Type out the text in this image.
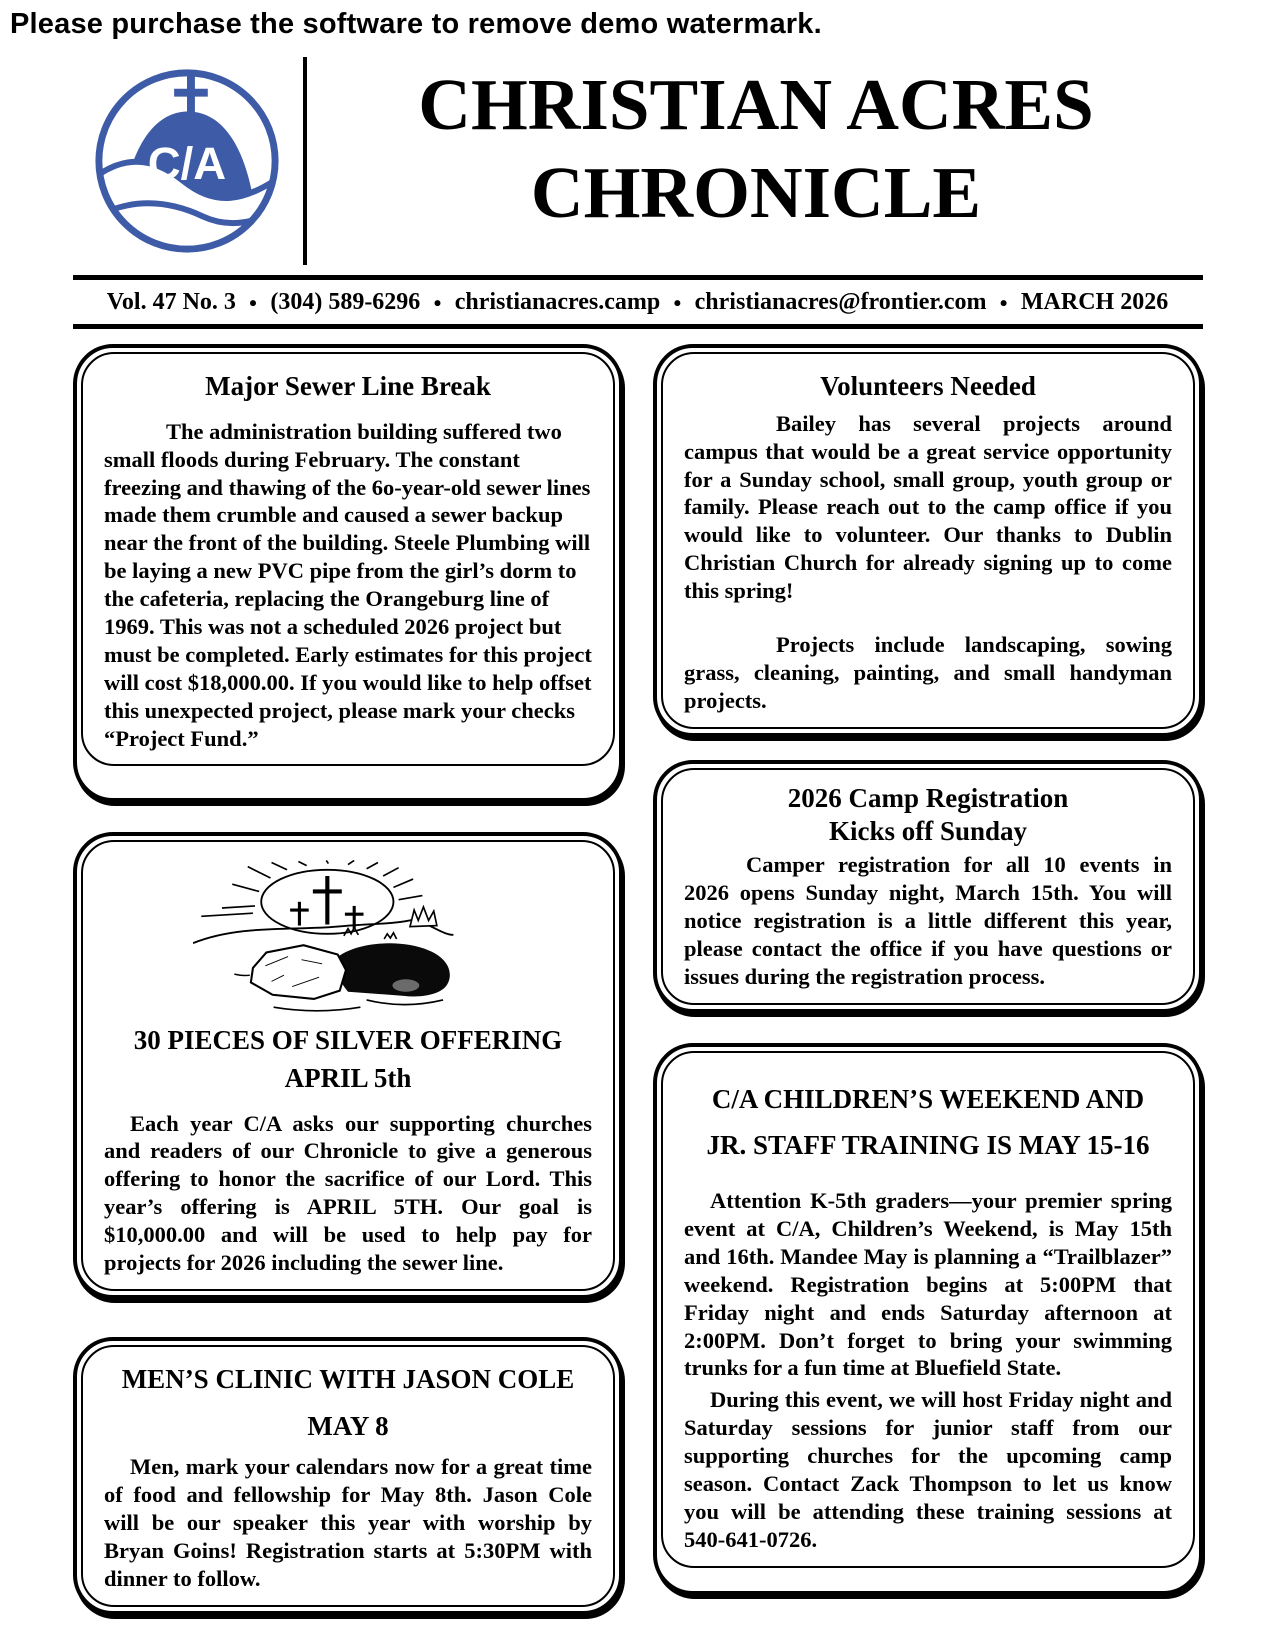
Please purchase the software to remove demo watermark.
C/A
CHRISTIAN ACRES
CHRONICLE
Vol. 47 No. 3 ● (304) 589-6296 ● christianacres.camp ● christianacres@frontier.com ● MARCH 2026
Major Sewer Line Break

The administration building suffered two small floods during February. The constant freezing and thawing of the 6o-year-old sewer lines made them crumble and caused a sewer backup near the front of the building. Steele Plumbing will be laying a new PVC pipe from the girl’s dorm to the cafeteria, replacing the Orangeburg line of 1969. This was not a scheduled 2026 project but must be completed. Early estimates for this project will cost $18,000.00. If you would like to help offset this unexpected project, please mark your checks “Project Fund.”

30 PIECES OF SILVER OFFERING
APRIL 5th

Each year C/A asks our supporting churches and readers of our Chronicle to give a generous offering to honor the sacrifice of our Lord. This year’s offering is APRIL 5TH. Our goal is $10,000.00 and will be used to help pay for projects for 2026 including the sewer line.

MEN’S CLINIC WITH JASON COLE
MAY 8

Men, mark your calendars now for a great time of food and fellowship for May 8th. Jason Cole will be our speaker this year with worship by Bryan Goins! Registration starts at 5:30PM with dinner to follow.

Volunteers Needed

Bailey has several projects around campus that would be a great service opportunity for a Sunday school, small group, youth group or family. Please reach out to the camp office if you would like to volunteer. Our thanks to Dublin Christian Church for already signing up to come this spring!

Projects include landscaping, sowing grass, cleaning, painting, and small handyman projects.

2026 Camp Registration
Kicks off Sunday

Camper registration for all 10 events in 2026 opens Sunday night, March 15th. You will notice registration is a little different this year, please contact the office if you have questions or issues during the registration process.

C/A CHILDREN’S WEEKEND AND
JR. STAFF TRAINING IS MAY 15-16

Attention K-5th graders—your premier spring event at C/A, Children’s Weekend, is May 15th and 16th. Mandee May is planning a “Trailblazer” weekend. Registration begins at 5:00PM that Friday night and ends Saturday afternoon at 2:00PM. Don’t forget to bring your swimming trunks for a fun time at Bluefield State.

During this event, we will host Friday night and Saturday sessions for junior staff from our supporting churches for the upcoming camp season. Contact Zack Thompson to let us know you will be attending these training sessions at 540-641-0726.
